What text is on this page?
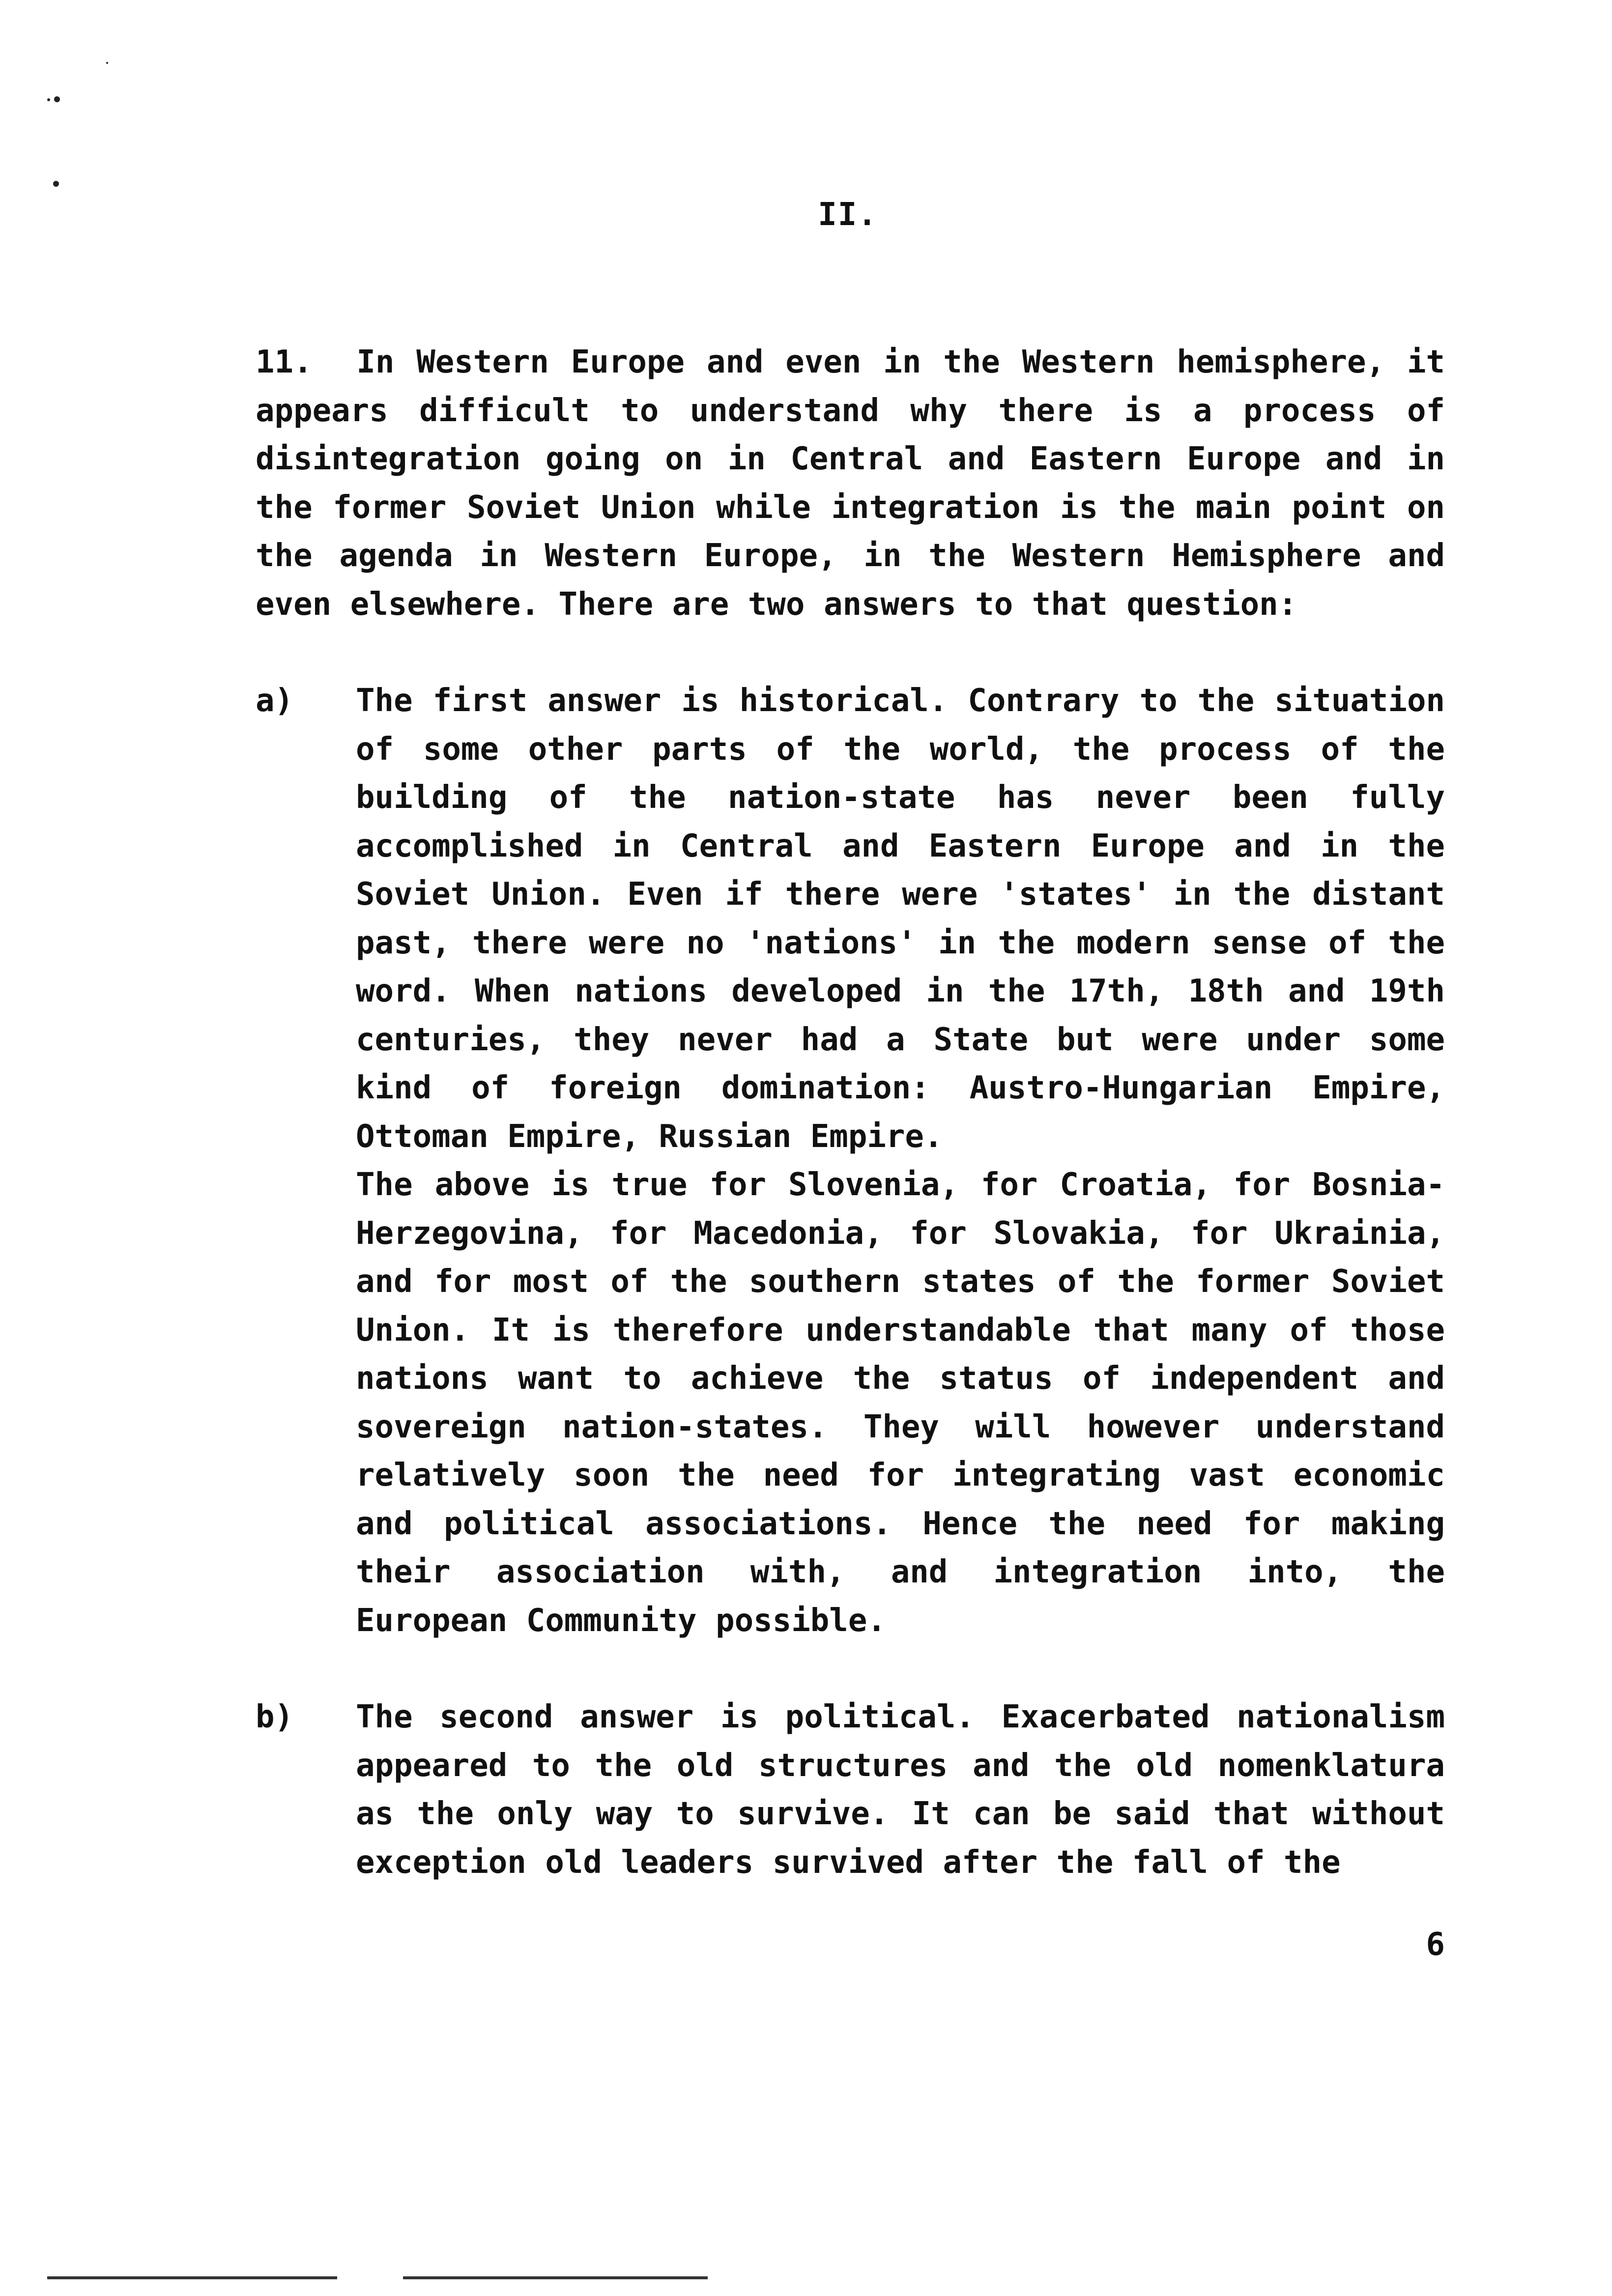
II.

11. In Western Europe and even in the Western hemisphere, it appears difficult to understand why there is a process of disintegration going on in Central and Eastern Europe and in the former Soviet Union while integration is the main point on the agenda in Western Europe, in the Western Hemisphere and even elsewhere. There are two answers to that question:

a) The first answer is historical. Contrary to the situation of some other parts of the world, the process of the building of the nation-state has never been fully accomplished in Central and Eastern Europe and in the Soviet Union. Even if there were 'states' in the distant past, there were no 'nations' in the modern sense of the word. When nations developed in the 17th, 18th and 19th centuries, they never had a State but were under some kind of foreign domination: Austro-Hungarian Empire, Ottoman Empire, Russian Empire.

The above is true for Slovenia, for Croatia, for Bosnia-Herzegovina, for Macedonia, for Slovakia, for Ukrainia, and for most of the southern states of the former Soviet Union. It is therefore understandable that many of those nations want to achieve the status of independent and sovereign nation-states. They will however understand relatively soon the need for integrating vast economic and political associations. Hence the need for making their association with, and integration into, the European Community possible.

b) The second answer is political. Exacerbated nationalism appeared to the old structures and the old nomenklatura as the only way to survive. It can be said that without exception old leaders survived after the fall of the

6
